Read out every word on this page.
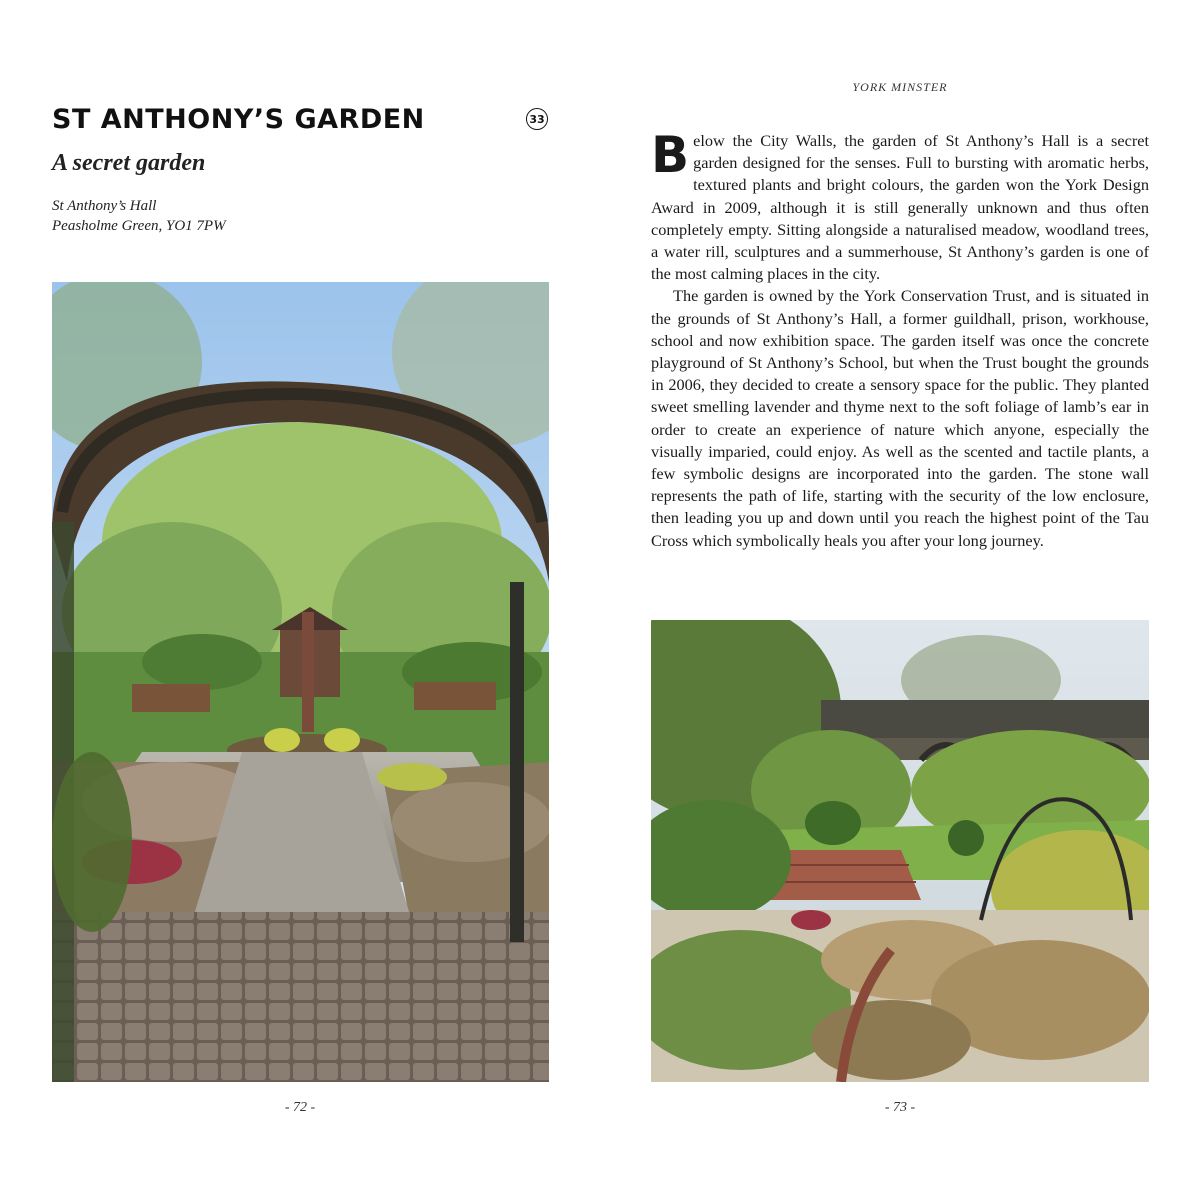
ST ANTHONY’S GARDEN	33
A secret garden
St Anthony’s Hall
Peasholme Green, YO1 7PW
- 72 -
YORK MINSTER

Below the City Walls, the garden of St Anthony’s Hall is a secret garden designed for the senses. Full to bursting with aromatic herbs, textured plants and bright colours, the garden won the York Design Award in 2009, although it is still generally unknown and thus often completely empty. Sitting alongside a naturalised meadow, woodland trees, a water rill, sculptures and a summerhouse, St Anthony’s garden is one of the most calming places in the city.

The garden is owned by the York Conservation Trust, and is situated in the grounds of St Anthony’s Hall, a former guildhall, prison, workhouse, school and now exhibition space. The garden itself was once the concrete playground of St Anthony’s School, but when the Trust bought the grounds in 2006, they decided to create a sensory space for the public. They planted sweet smelling lavender and thyme next to the soft foliage of lamb’s ear in order to create an experience of nature which anyone, especially the visually imparied, could enjoy. As well as the scented and tactile plants, a few symbolic designs are incorporated into the garden. The stone wall represents the path of life, starting with the security of the low enclosure, then leading you up and down until you reach the highest point of the Tau Cross which symbolically heals you after your long journey.

- 73 -
